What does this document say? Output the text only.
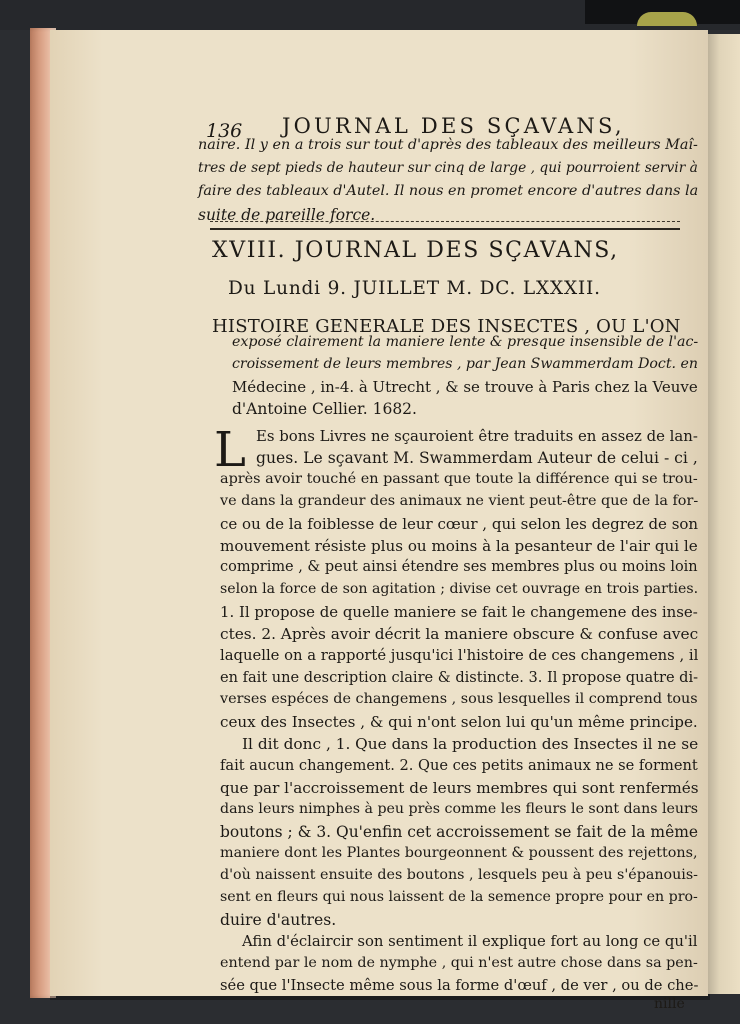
136 JOURNAL DES SÇAVANS,

naire. Il y en a trois sur tout d'après des tableaux des meilleurs Maî-

tres de sept pieds de hauteur sur cinq de large , qui pourroient servir à

faire des tableaux d'Autel. Il nous en promet encore d'autres dans la

suite de pareille force.

XVIII. JOURNAL DES SÇAVANS,

Du Lundi 9. JUILLET M. DC. LXXXII.

HISTOIRE GENERALE DES INSECTES , OU L'ON

exposé clairement la maniere lente & presque insensible de l'ac-

croissement de leurs membres , par Jean Swammerdam Doct. en

Médecine , in-4. à Utrecht , & se trouve à Paris chez la Veuve

d'Antoine Cellier. 1682.

L Es bons Livres ne sçauroient être traduits en assez de lan-

gues. Le sçavant M. Swammerdam Auteur de celui - ci ,

après avoir touché en passant que toute la différence qui se trou-

ve dans la grandeur des animaux ne vient peut-être que de la for-

ce ou de la foiblesse de leur cœur , qui selon les degrez de son

mouvement résiste plus ou moins à la pesanteur de l'air qui le

comprime , & peut ainsi étendre ses membres plus ou moins loin

selon la force de son agitation ; divise cet ouvrage en trois parties.

1. Il propose de quelle maniere se fait le changemene des inse-

ctes. 2. Après avoir décrit la maniere obscure & confuse avec

laquelle on a rapporté jusqu'ici l'histoire de ces changemens , il

en fait une description claire & distincte. 3. Il propose quatre di-

verses espéces de changemens , sous lesquelles il comprend tous

ceux des Insectes , & qui n'ont selon lui qu'un même principe.

Il dit donc , 1. Que dans la production des Insectes il ne se

fait aucun changement. 2. Que ces petits animaux ne se forment

que par l'accroissement de leurs membres qui sont renfermés

dans leurs nimphes à peu près comme les fleurs le sont dans leurs

boutons ; & 3. Qu'enfin cet accroissement se fait de la même

maniere dont les Plantes bourgeonnent & poussent des rejettons,

d'où naissent ensuite des boutons , lesquels peu à peu s'épanouis-

sent en fleurs qui nous laissent de la semence propre pour en pro-

duire d'autres.

Afin d'éclaircir son sentiment il explique fort au long ce qu'il

entend par le nom de nymphe , qui n'est autre chose dans sa pen-

sée que l'Insecte même sous la forme d'œuf , de ver , ou de che-

nille
